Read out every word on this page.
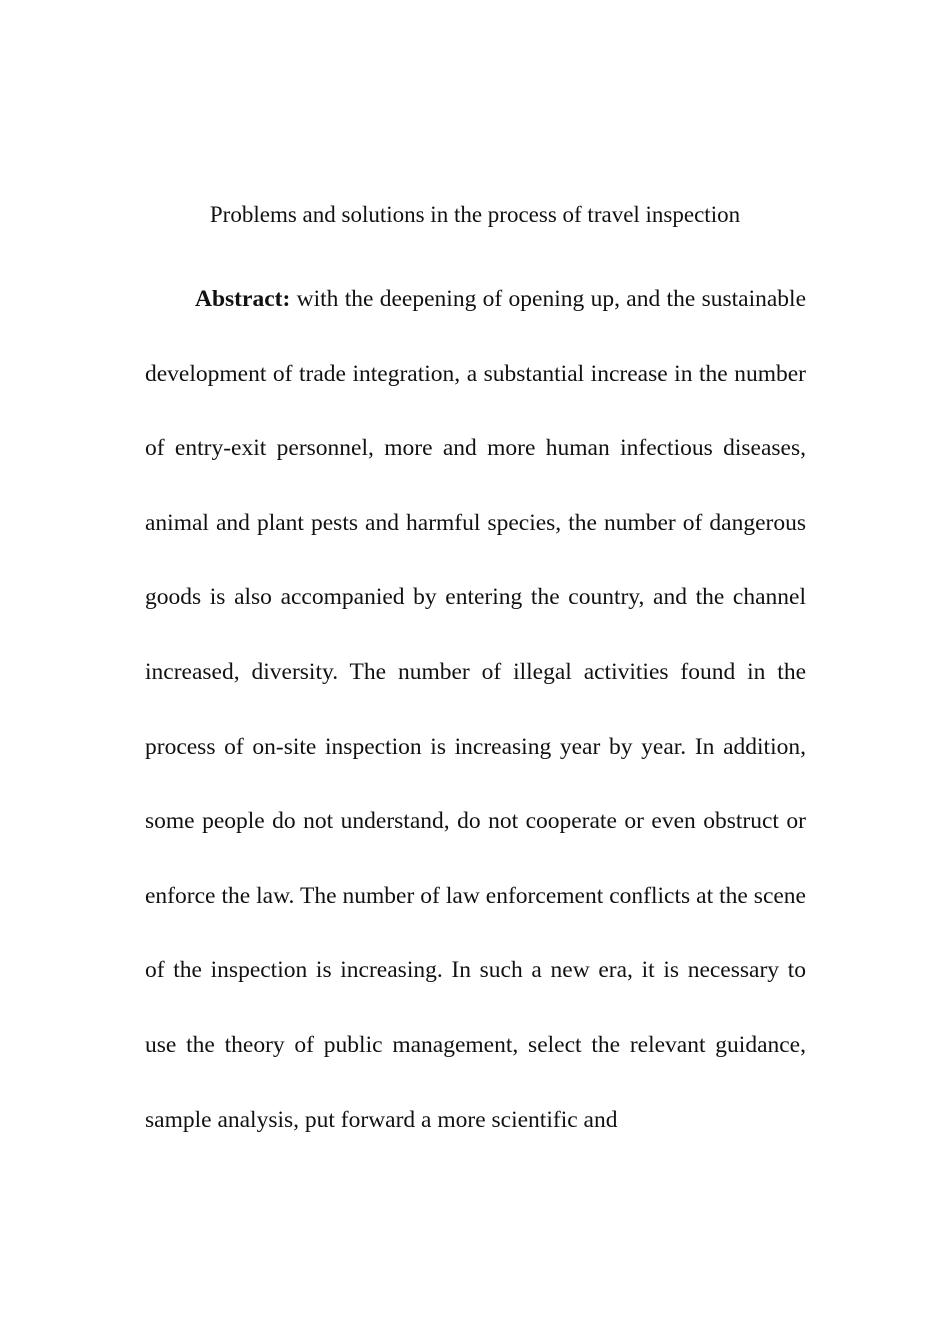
Problems and solutions in the process of travel inspection

Abstract: with the deepening of opening up, and the sustainable development of trade integration, a substantial increase in the number of entry-exit personnel, more and more human infectious diseases, animal and plant pests and harmful species, the number of dangerous goods is also accompanied by entering the country, and the channel increased, diversity. The number of illegal activities found in the process of on-site inspection is increasing year by year. In addition, some people do not understand, do not cooperate or even obstruct or enforce the law. The number of law enforcement conflicts at the scene of the inspection is increasing. In such a new era, it is necessary to use the theory of public management, select the relevant guidance, sample analysis, put forward a more scientific and
